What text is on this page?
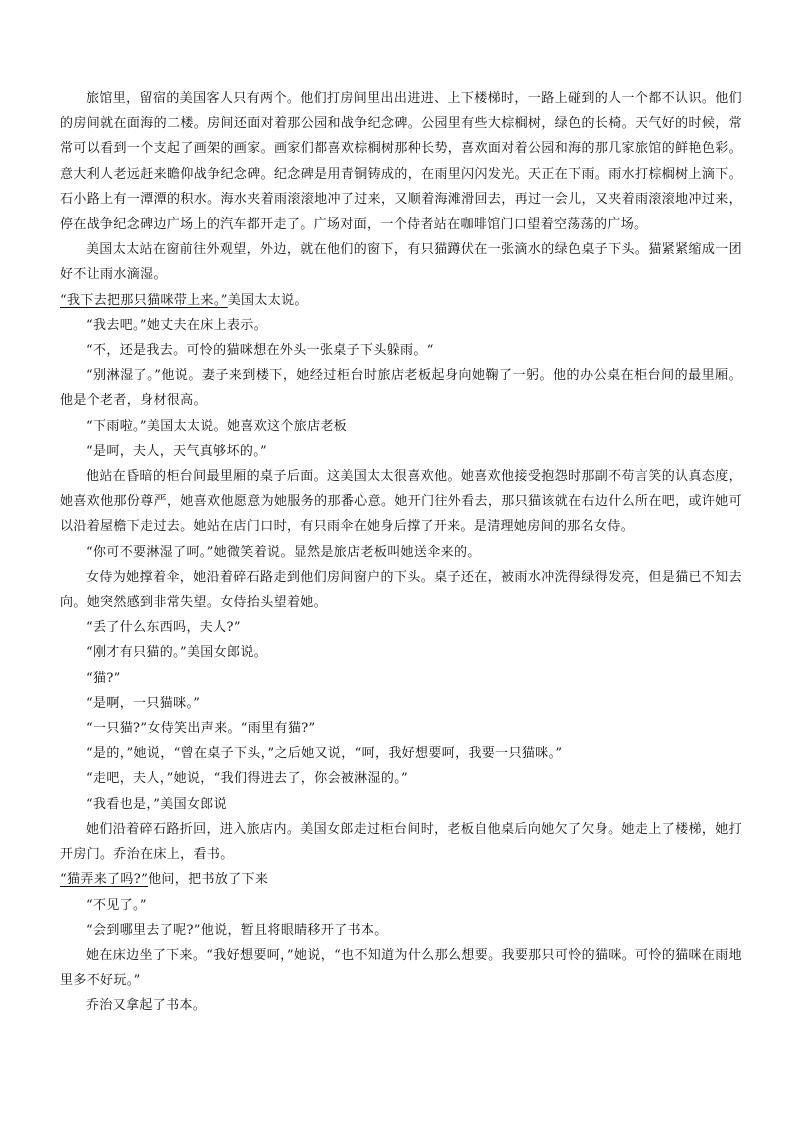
旅馆里，留宿的美国客人只有两个。他们打房间里出出进进、上下楼梯时，一路上碰到的人一个都不认识。他们的房间就在面海的二楼。房间还面对着那公园和战争纪念碑。公园里有些大棕榈树，绿色的长椅。天气好的时候，常常可以看到一个支起了画架的画家。画家们都喜欢棕榈树那种长势，喜欢面对着公园和海的那几家旅馆的鲜艳色彩。意大利人老远赶来瞻仰战争纪念碑。纪念碑是用青铜铸成的，在雨里闪闪发光。天正在下雨。雨水打棕榈树上滴下。石小路上有一潭潭的积水。海水夹着雨滚滚地冲了过来，又顺着海滩滑回去，再过一会儿，又夹着雨滚滚地冲过来，停在战争纪念碑边广场上的汽车都开走了。广场对面，一个侍者站在咖啡馆门口望着空荡荡的广场。

美国太太站在窗前往外观望，外边，就在他们的窗下，有只猫蹲伏在一张滴水的绿色桌子下头。猫紧紧缩成一团好不让雨水滴湿。

“我下去把那只猫咪带上来。”美国太太说。

“我去吧。”她丈夫在床上表示。

“不，还是我去。可怜的猫咪想在外头一张桌子下头躲雨。“

“别淋湿了。”他说。妻子来到楼下，她经过柜台时旅店老板起身向她鞠了一躬。他的办公桌在柜台间的最里厢。他是个老者，身材很高。

“下雨啦。”美国太太说。她喜欢这个旅店老板

“是呵，夫人，天气真够坏的。”

他站在昏暗的柜台间最里厢的桌子后面。这美国太太很喜欢他。她喜欢他接受抱怨时那副不苟言笑的认真态度，她喜欢他那份尊严，她喜欢他愿意为她服务的那番心意。她开门往外看去，那只猫该就在右边什么所在吧，或许她可以沿着屋檐下走过去。她站在店门口时，有只雨伞在她身后撑了开来。是清理她房间的那名女侍。

“你可不要淋湿了呵。”她微笑着说。显然是旅店老板叫她送伞来的。

女侍为她撑着伞，她沿着碎石路走到他们房间窗户的下头。桌子还在，被雨水冲洗得绿得发亮，但是猫已不知去向。她突然感到非常失望。女侍抬头望着她。

“丢了什么东西吗，夫人?”

“刚才有只猫的。”美国女郎说。

“猫?”

“是啊，一只猫咪。”

“一只猫?”女侍笑出声来。“雨里有猫?”

“是的，”她说，“曾在桌子下头，”之后她又说，“呵，我好想要呵，我要一只猫咪。”

“走吧，夫人，”她说，“我们得进去了，你会被淋湿的。”

“我看也是，”美国女郎说

她们沿着碎石路折回，进入旅店内。美国女郎走过柜台间时，老板自他桌后向她欠了欠身。她走上了楼梯，她打开房门。乔治在床上，看书。

“猫弄来了吗?”他问，把书放了下来

“不见了。”

“会到哪里去了呢?”他说，暂且将眼睛移开了书本。

她在床边坐了下来。“我好想要呵，”她说，“也不知道为什么那么想要。我要那只可怜的猫咪。可怜的猫咪在雨地里多不好玩。”

乔治又拿起了书本。
